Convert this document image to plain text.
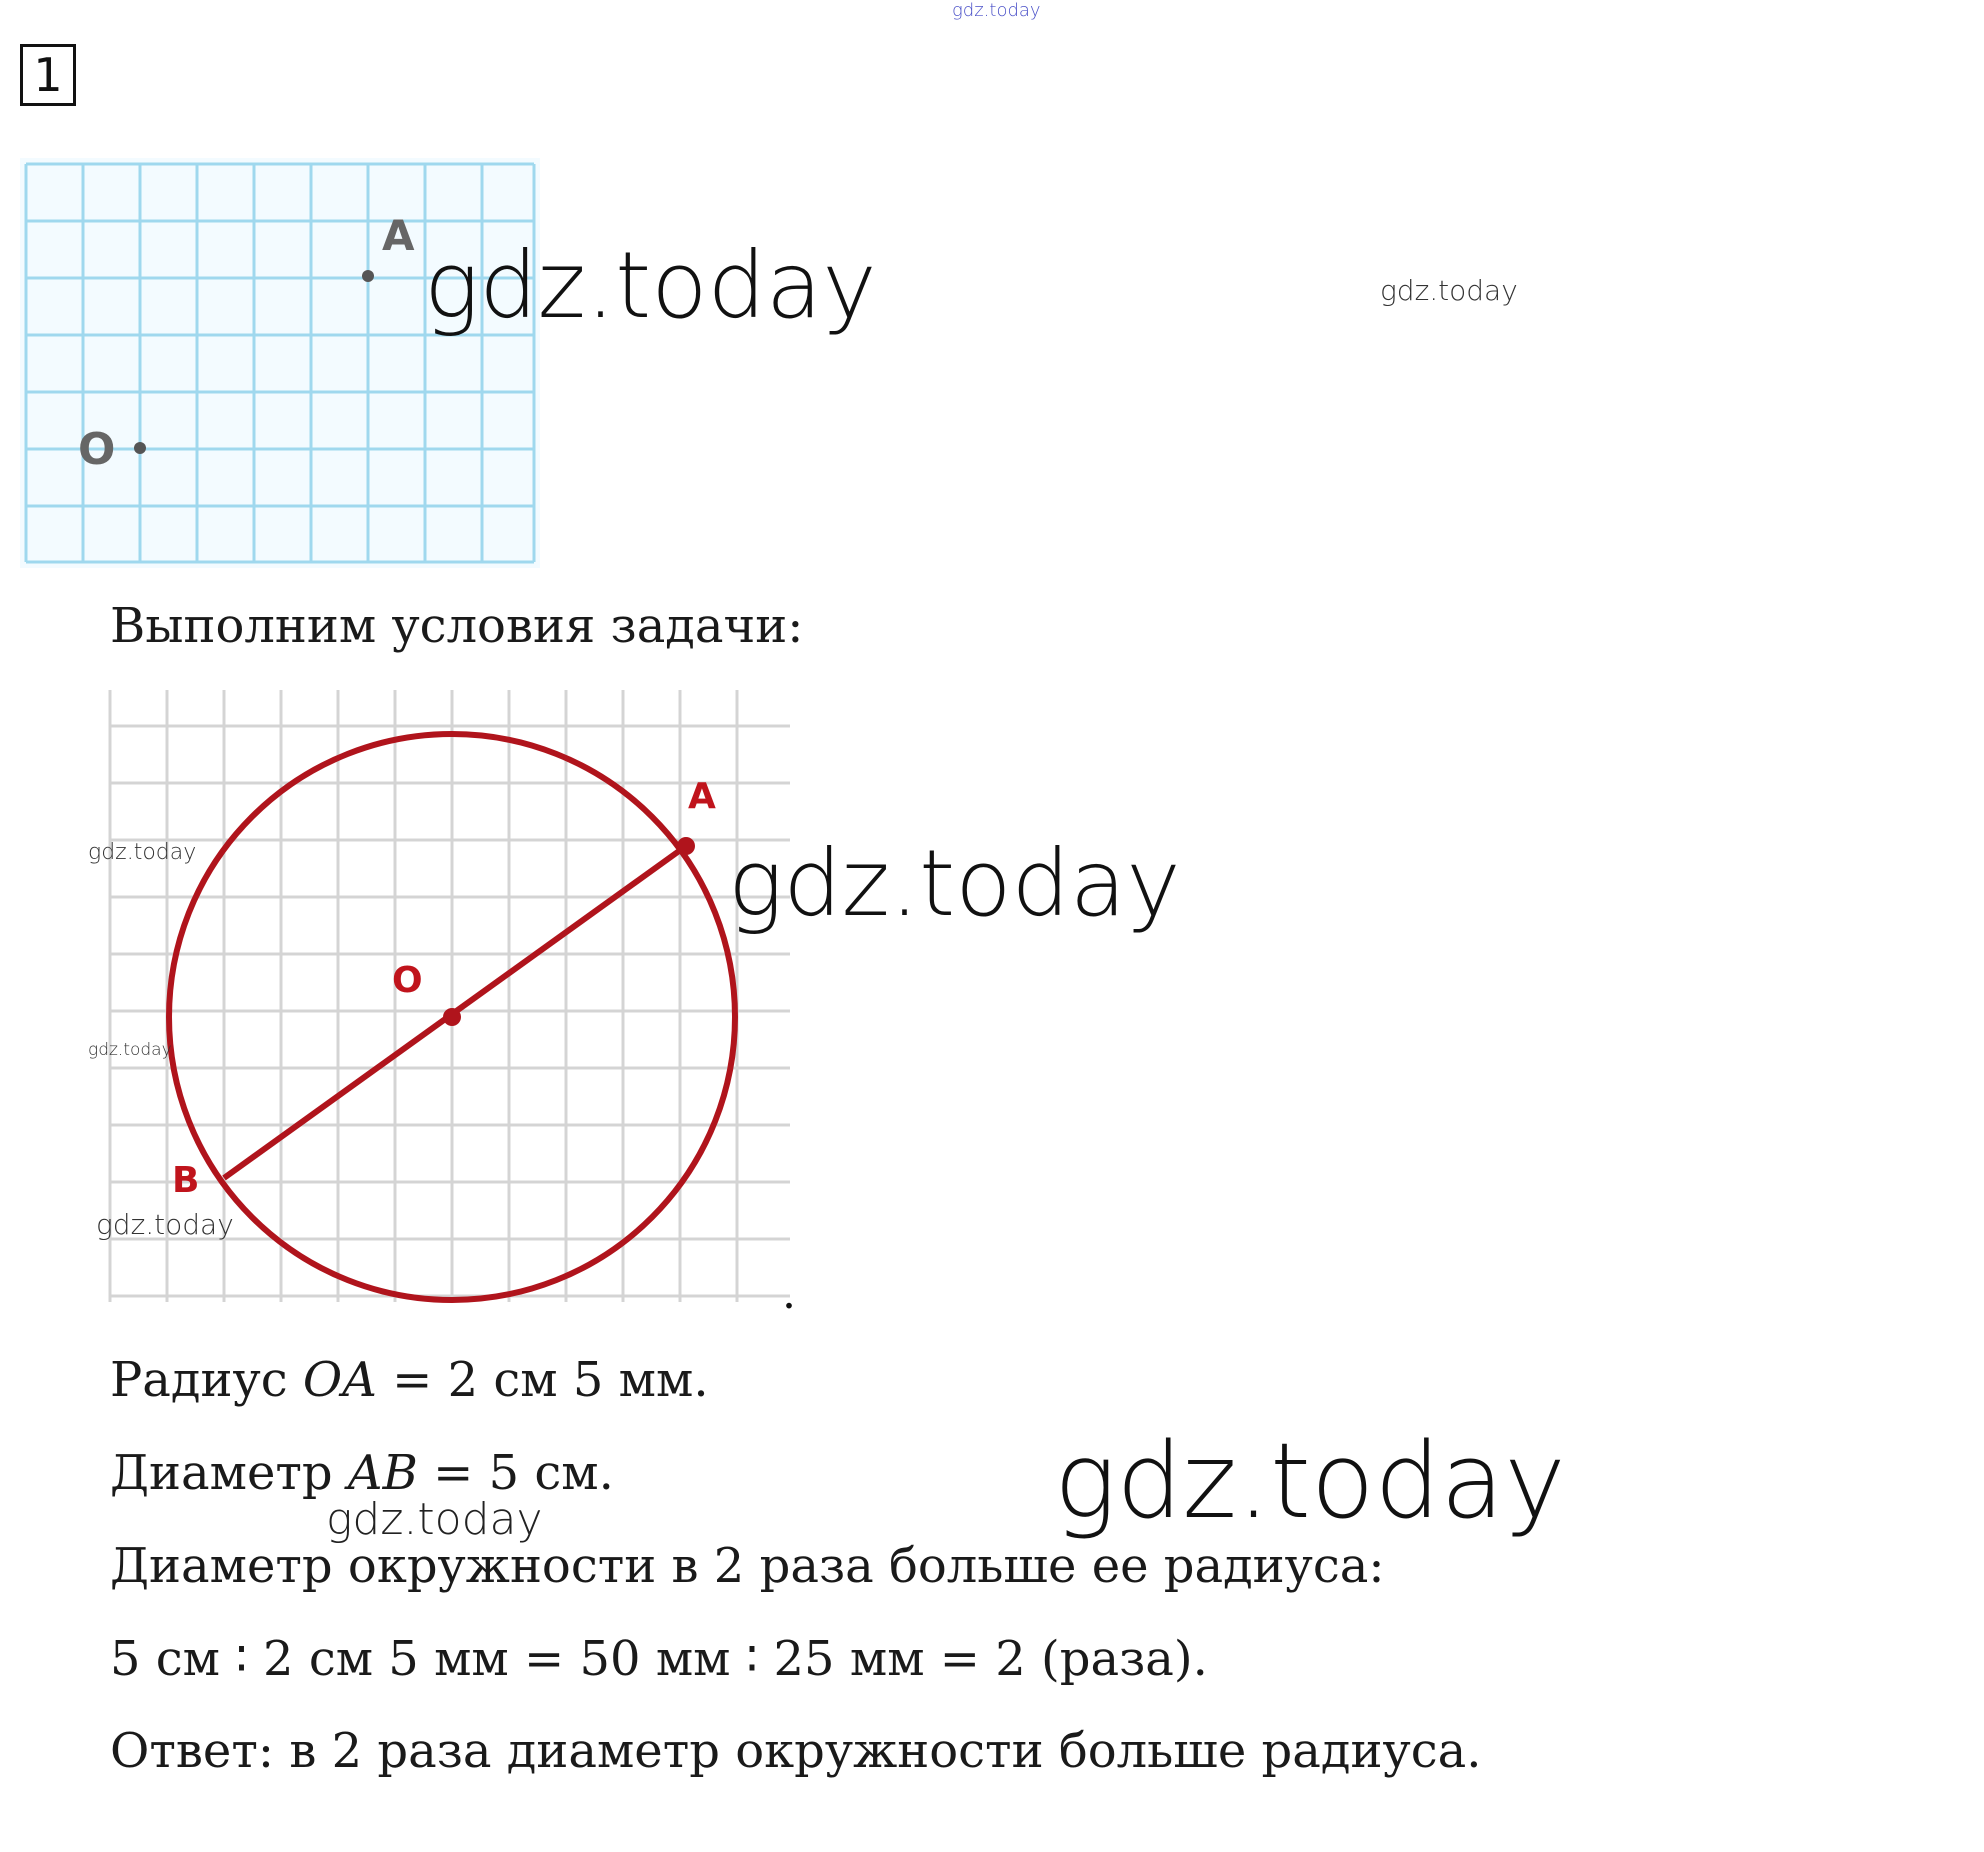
1
A
O
Выполним условия задачи:
A
O
B
.
Радиус OA = 2 см 5 мм.
Диаметр AB = 5 см.
Диаметр окружности в 2 раза больше ее радиуса:
5 см ∶ 2 см 5 мм = 50 мм ∶ 25 мм = 2 (раза).
Ответ: в 2 раза диаметр окружности больше радиуса.
gdz.today
gdz.today	gdz.today
gdz.today
gdz.today
gdz.today
gdz.today
gdz.today
gdz.today
